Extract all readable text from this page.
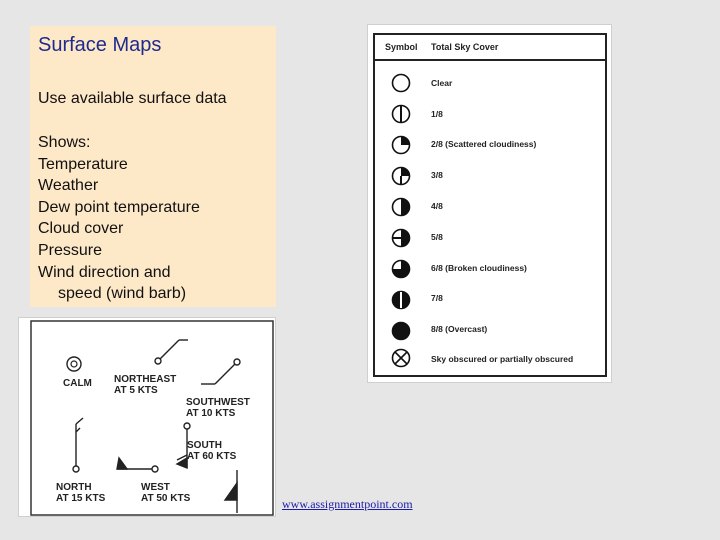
Surface Maps
Use available surface data
Shows:
Temperature
Weather
Dew point temperature
Cloud cover
Pressure
Wind direction and
speed (wind barb)
Symbol Total Sky Cover
Clear
1/8
2/8 (Scattered cloudiness)
3/8
4/8
5/8
6/8 (Broken cloudiness)
7/8
8/8 (Overcast)
Sky obscured or partially obscured
CALM NORTHEAST
AT 5 KTS
SOUTHWEST
AT 10 KTS
SOUTH
AT 60 KTS
NORTH
AT 15 KTS
WEST
AT 50 KTS	www.assignmentpoint.com
